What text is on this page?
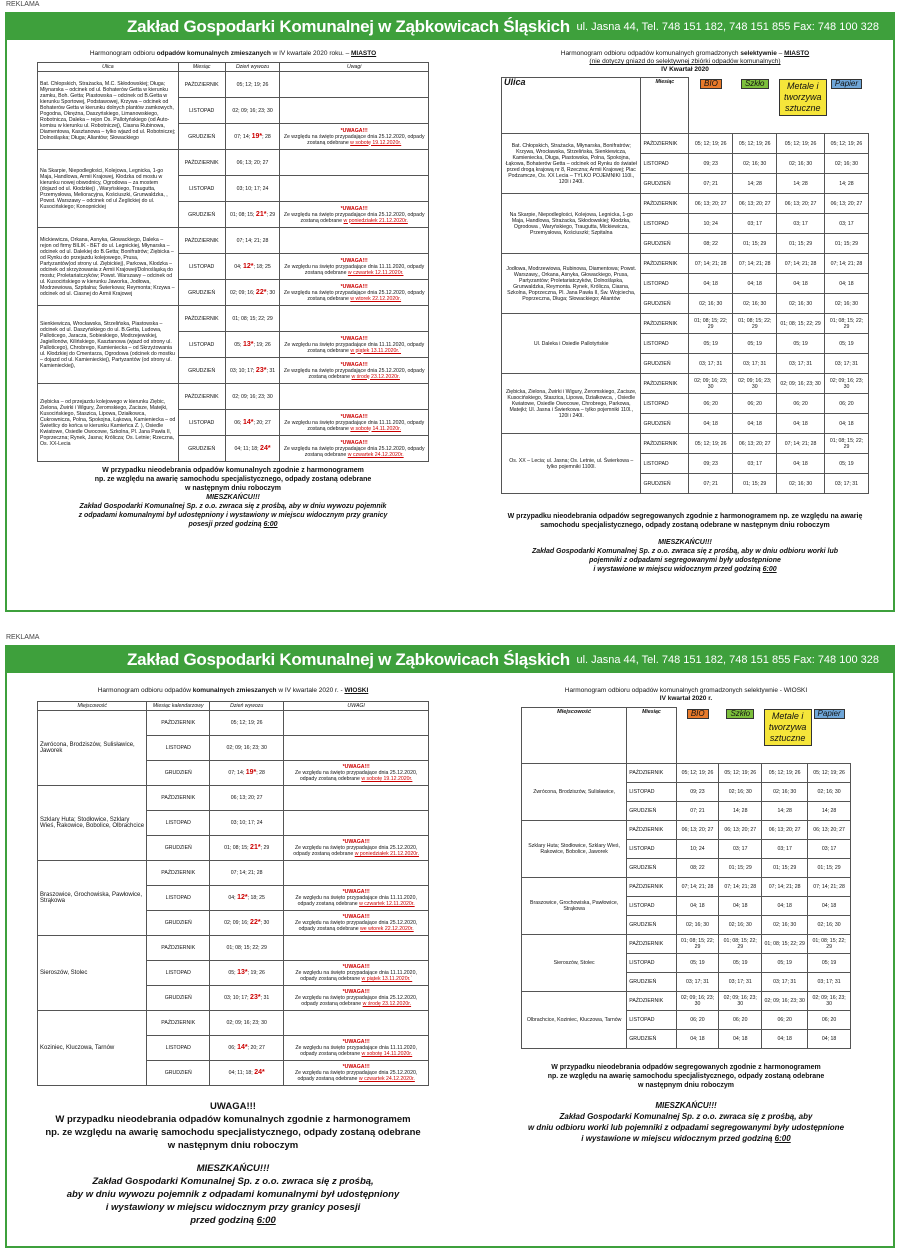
REKLAMA
Zakład Gospodarki Komunalnej w Ząbkowicach Śląskich ul. Jasna 44, Tel. 748 151 182, 748 151 855 Fax: 748 100 328
Harmonogram odbioru odpadów komunalnych zmieszanych w IV kwartale 2020 roku. – MIASTO
Ulica	Miesiąc	Dzień wywozu	Uwagi
Bat. Chłopskich, Strażacka, M.C. Skłodowskiej; Długa; Młynarska – odcinek od ul. Bohaterów Getta w kierunku zamku, Boh. Getta; Piastowska – odcinek od B.Getta w kierunku Sportowej, Podstawowej, Krzywa – odcinek od Bohaterów Getta w kierunku dolnych plantów zamkowych, Pogodna, Okrężna, Daszyńskiego, Limanowskiego, Robotnicza, Daleka – rejon Os. Pallotyńskiego (od Auto-komisu w kierunku ul. Robotniczej), Ciasna Rubinowa, Diamentowa, Kasztanowa – tylko wjazd od ul. Robotniczej; Dolnośląska; Długa; Aliantów; Słowackiego	PAŹDZIERNIK	05; 12; 19; 26	
	LISTOPAD	02; 09; 16; 23; 30	
	GRUDZIEŃ	07; 14; 19*; 28	*UWAGA!!!
Ze względu na święto przypadające dnia 25.12.2020, odpady zostaną odebrane w sobotę 19.12.2020r.

Na Skarpie, Niepodległości, Kolejowa, Legnicka, 1-go Maja, Handlowa, Armii Krajowej, Kłodzka od mostu w kierunku nowej obwodnicy, Ogrodowa – za mostem (dojazd od ul. Kłodzkiej) , Waryńskiego, Traugutta, Przemysłowa, Melioracyjna, Kościuszki, Grunwaldzka, , Powst. Warszawy – odcinek od ul Żeglickiej do ul. Kusocińskiego; Konopnickiej	PAŹDZIERNIK	06; 13; 20; 27	
	LISTOPAD	03; 10; 17; 24	
	GRUDZIEŃ	01; 08; 15; 21*; 29	*UWAGA!!!
Ze względu na święto przypadające dnia 25.12.2020, odpady zostaną odebrane w poniedziałek 21.12.2020r.

Mickiewicza, Orkana, Asnyka, Głowackiego, Daleka – rejon od firmy BILIK - BET do ul. Legnickiej, Młynarska – odcinek od ul. Dalekiej do B.Getta; Bonifratrów; Ziębicka – od Rynku do przejazdu kolejowego, Prusa, Partyzantów(od strony ul. Ziębickiej), Parkowa, Kłodzka – odcinek od skrzyżowania z Armii Krajowej/Dolnośląską do mostu; Proletariatczyków; Powst. Warszawy – odcinek od ul. Kusocińskiego w kierunku Jaworka, Jodłowa, Modrzewiowa, Szpitalna; Świerkowa; Reymonta; Krzywa – odcinek od ul. Ciasnej do Armii Krajowej	PAŹDZIERNIK	07; 14; 21; 28	
	LISTOPAD	04; 12*; 18; 25	*UWAGA!!!
Ze względu na święto przypadające dnia 11.11.2020, odpady zostaną odebrane w czwartek 12.11.2020r.

	GRUDZIEŃ	02; 09; 16; 22*; 30	*UWAGA!!!
Ze względu na święto przypadające dnia 25.12.2020, odpady zostaną odebrane w wtorek 22.12.2020r.

Sienkiewicza, Wrocławska, Strzelińska, Piastowska – odcinek od ul. Daszyńskiego do ul. B.Getta, Ludowa, Palloticego, Jaracza, Sobieskiego, Modrzejewskiej, Jagiellonów, Kilińskiego, Kasztanowa (wjazd od strony ul. Palloticego), Chrobrego, Kamieniecka – od Skrzyżowania ul. Kłodzkiej do Cmentarza, Ogrodowa (odcinek do mostku – dojazd od ul. Kamienieckiej), Partyzantów (od strony ul. Kamienieckiej),	PAŹDZIERNIK	01; 08; 15; 22; 29	
	LISTOPAD	05; 13*; 19; 26	*UWAGA!!!
Ze względu na święto przypadające dnia 11.11.2020, odpady zostaną odebrane w piątek 13.11.2020r.`

	GRUDZIEŃ	03; 10; 17; 23*; 31	*UWAGA!!!
Ze względu na święto przypadające dnia 25.12.2020, odpady zostaną odebrane w środę 23.12.2020r.

Ziębicka – od przejazdu kolejowego w kierunku Ziębic, Zielona, Żwirki i Wigury, Żeromskiego, Zacisze, Matejki, Kusocińskiego, Staszica, Lipowa, Działkowca, Cukrownicza, Polna, Spokojna, Łąkowa, Kamieniecka – od Świetlicy do końca w kierunku Kamieńca Z. ), Osiedle Kwiatowe, Osiedle Owocowe, Szkolna, Pl. Jana Pawła II, Poprzeczna; Rynek, Jasna; Królicza; Os. Letnie; Rzeczna, Os. XX-Lecia	PAŹDZIERNIK	02; 09; 16; 23; 30	
	LISTOPAD	06; 14*; 20; 27	*UWAGA!!!
Ze względu na święto przypadające dnia 11.11.2020, odpady zostaną odebrane w sobotę 14.11.2020r.

	GRUDZIEŃ	04; 11; 18; 24*	*UWAGA!!!
Ze względu na święto przypadające dnia 25.12.2020, odpady zostaną odebrane w czwartek 24.12.2020r.
W przypadku nieodebrania odpadów komunalnych zgodnie z harmonogramem
np. ze względu na awarię samochodu specjalistycznego, odpady zostaną odebrane
w następnym dniu roboczym
MIESZKAŃCU!!!
Zakład Gospodarki Komunalnej Sp. z o.o. zwraca się z prośbą, aby w dniu wywozu pojemnik
z odpadami komunalnymi był udostępniony i wystawiony w miejscu widocznym przy granicy
posesji przed godziną 6:00
Harmonogram odbioru odpadów komunalnych gromadzonych selektywnie – MIASTO
(nie dotyczy gniazd do selektywnej zbiórki odpadów komunalnych)
IV Kwartał 2020
Ulica	Miesiąc	BIO	Szkło	Metale i tworzywa sztuczne	Papier
Bat. Chłopskich, Strażacka, Młynarska, Bonifratrów; Krzywa, Wrocławska, Strzelińska, Sienkiewicza, Kamieniecka, Długa, Piastowska, Polna, Spokojna, Łąkowa, Bohaterów Getta – odcinek od Rynku do świateł przed drogą krajową nr 8, Rzeczna; Armii Krajowej; Plac Podzamcze, Os. XX Lecia – TYLKO POJEMNIKI 110l., 120l i 240l.	PAŹDZIERNIK	05; 12; 19; 26	05; 12; 19; 26	05; 12; 19; 26	05; 12; 19; 26
	LISTOPAD	09; 23	02; 16; 30	02; 16; 30	02; 16; 30
	GRUDZIEŃ	07; 21	14; 28	14; 28	14; 28
Na Skarpie, Niepodległości, Kolejowa, Legnicka, 1-go Maja, Handlowa, Strażacka, Skłodowskiej; Kłodzka, Ogrodowa , Waryńskiego, Traugutta, Mickiewicza, Przemysłowa, Kościuszki; Szpitalna	PAŹDZIERNIK	06; 13; 20; 27	06; 13; 20; 27	06; 13; 20; 27	06; 13; 20; 27
	LISTOPAD	10; 24	03; 17	03; 17	03; 17
	GRUDZIEŃ	08; 22	01; 15; 29	01; 15; 29	01; 15; 29
Jodłowa, Modrzewiowa, Rubinowa, Diamentowa; Powst. Warszawy,, Orkana, Asnyka, Głowackiego, Prusa, Partyzantów; Proletariatczyków, Dolnośląska, Grunwaldzka, Reymonta. Rynek, Królicza, Ciasna, Szkolna, Poprzeczna, Pl. Jana Pawła II, Św. Wojciecha, Poprzeczna, Długa; Słowackiego; Aliantów	PAŹDZIERNIK	07; 14; 21; 28	07; 14; 21; 28	07; 14; 21; 28	07; 14; 21; 28
	LISTOPAD	04; 18	04; 18	04; 18	04; 18
	GRUDZIEŃ	02; 16; 30	02; 16; 30	02; 16; 30	02; 16; 30
Ul. Daleka i Osiedle Pallotyńskie	PAŹDZIERNIK	01; 08; 15; 22; 29	01; 08; 15; 22; 29	01; 08; 15; 22; 29	01; 08; 15; 22; 29
	LISTOPAD	05; 19	05; 19	05; 19	05; 19
	GRUDZIEŃ	03; 17; 31	03; 17; 31	03; 17; 31	03; 17; 31
Ziębicka, Zielona, Żwirki i Wigury, Żeromskiego, Zacisze, Kusocińskiego, Staszica, Lipowa, Działkowca, , Osiedle Kwiatowe, Osiedle Owocowe, Chrobrego, Parkowa, Matejki; Ul. Jasna i Świerkowa – tylko pojemniki 110l., 120l i 240l.	PAŹDZIERNIK	02; 09; 16; 23; 30	02; 09; 16; 23; 30	02; 09; 16; 23; 30	02; 09; 16; 23; 30
	LISTOPAD	06; 20	06; 20	06; 20	06; 20
	GRUDZIEŃ	04; 18	04; 18	04; 18	04; 18
Os. XX – Lecia; ul. Jasna; Os. Letnie, ul. Świerkowa – tylko pojemniki 1100l.	PAŹDZIERNIK	05; 12; 19; 26	06; 13; 20; 27	07; 14; 21; 28	01; 08; 15; 22; 29
	LISTOPAD	09; 23	03; 17	04; 18	05; 19
	GRUDZIEŃ	07; 21	01; 15; 29	02; 16; 30	03; 17; 31
W przypadku nieodebrania odpadów segregowanych zgodnie z harmonogramem np. ze względu na awarię
samochodu specjalistycznego, odpady zostaną odebrane w następnym dniu roboczym
MIESZKAŃCU!!!
Zakład Gospodarki Komunalnej Sp. z o.o. zwraca się z prośbą, aby w dniu odbioru worki lub
pojemniki z odpadami segregowanymi były udostępnione
i wystawione w miejscu widocznym przed godziną 6:00
REKLAMA
Zakład Gospodarki Komunalnej w Ząbkowicach Śląskich ul. Jasna 44, Tel. 748 151 182, 748 151 855 Fax: 748 100 328
Harmonogram odbioru odpadów komunalnych zmieszanych w IV kwartale 2020 r. - WIOSKI
Miejscowość	Miesiąc kalendarzowy	Dzień wywozu	UWAGI
Zwrócona, Brodziszów, Sulisławice, Jaworek	PAŹDZIERNIK	05; 12; 19; 26	
	LISTOPAD	02; 09; 16; 23; 30	
	GRUDZIEŃ	07; 14; 19*; 28	*UWAGA!!!
Ze względu na święto przypadające dnia 25.12.2020, odpady zostaną odebrane w sobotę 19.12.2020r.

Szklary Huta; Stodłowice, Szklary Wieś, Rakowice, Bobolice, Olbrachcice	PAŹDZIERNIK	06; 13; 20; 27	
	LISTOPAD	03; 10; 17; 24	
	GRUDZIEŃ	01; 08; 15; 21*; 29	*UWAGA!!!
Ze względu na święto przypadające dnia 25.12.2020, odpady zostaną odebrane w poniedziałek 21.12.2020r.

Braszowice, Grochowiska, Pawłowice, Strąkowa	PAŹDZIERNIK	07; 14; 21; 28	
	LISTOPAD	04; 12*; 18; 25	*UWAGA!!!
Ze względu na święto przypadające dnia 11.11.2020, odpady zostaną odebrane w czwartek 12.11.2020r.

	GRUDZIEŃ	02; 09; 16; 22*; 30	*UWAGA!!!
Ze względu na święto przypadające dnia 25.12.2020, odpady zostaną odebrane we wtorek 22.12.2020r.

Sieroszów, Stolec	PAŹDZIERNIK	01; 08; 15; 22; 29	
	LISTOPAD	05; 13*; 19; 26	*UWAGA!!!
Ze względu na święto przypadające dnia 11.11.2020, odpady zostaną odebrane w piątek 13.11.2020r.`

	GRUDZIEŃ	03; 10; 17; 23*; 31	*UWAGA!!!
Ze względu na święto przypadające dnia 25.12.2020, odpady zostaną odebrane w środę 23.12.2020r.

Koziniec, Kluczowa, Tarnów	PAŹDZIERNIK	02; 09; 16; 23; 30	
	LISTOPAD	06; 14*; 20; 27	*UWAGA!!!
Ze względu na święto przypadające dnia 11.11.2020, odpady zostaną odebrane w sobotę 14.11.2020r.

	GRUDZIEŃ	04; 11; 18; 24*	*UWAGA!!!
Ze względu na święto przypadające dnia 25.12.2020, odpady zostaną odebrane w czwartek 24.12.2020r.
UWAGA!!!
W przypadku nieodebrania odpadów komunalnych zgodnie z harmonogramem
np. ze względu na awarię samochodu specjalistycznego, odpady zostaną odebrane
w następnym dniu roboczym
MIESZKAŃCU!!!
Zakład Gospodarki Komunalnej Sp. z o.o. zwraca się z prośbą,
aby w dniu wywozu pojemnik z odpadami komunalnymi był udostępniony
i wystawiony w miejscu widocznym przy granicy posesji
przed godziną 6:00
Harmonogram odbioru odpadów komunalnych gromadzonych selektywnie - WIOSKI
IV kwartał 2020 r.
Miejscowość	Miesiąc	BIO	Szkło	Metale i tworzywa sztuczne	Papier
Zwrócona, Brodziszów, Sulisławice,	PAŹDZIERNIK	05; 12; 19; 26	05; 12; 19; 26	05; 12; 19; 26	05; 12; 19; 26
	LISTOPAD	09; 23	02; 16; 30	02; 16; 30	02; 16; 30
	GRUDZIEŃ	07; 21	14; 28	14; 28	14; 28
Szklary Huta; Stodłowice, Szklary Wieś, Rakowice, Bobolice, Jaworek	PAŹDZIERNIK	06; 13; 20; 27	06; 13; 20; 27	06; 13; 20; 27	06; 13; 20; 27
	LISTOPAD	10; 24	03; 17	03; 17	03; 17
	GRUDZIEŃ	08; 22	01; 15; 29	01; 15; 29	01; 15; 29
Braszowice, Grochowiska, Pawłowice, Strąkowa	PAŹDZIERNIK	07; 14; 21; 28	07; 14; 21; 28	07; 14; 21; 28	07; 14; 21; 28
	LISTOPAD	04; 18	04; 18	04; 18	04; 18
	GRUDZIEŃ	02; 16; 30	02; 16; 30	02; 16; 30	02; 16; 30
Sieroszów, Stolec	PAŹDZIERNIK	01; 08; 15; 22; 29	01; 08; 15; 22; 29	01; 08; 15; 22; 29	01; 08; 15; 22; 29
	LISTOPAD	05; 19	05; 19	05; 19	05; 19
	GRUDZIEŃ	03; 17; 31	03; 17; 31	03; 17; 31	03; 17; 31
Olbrachcice, Koziniec, Kluczowa, Tarnów	PAŹDZIERNIK	02; 09; 16; 23; 30	02; 09; 16; 23; 30	02; 09; 16; 23; 30	02; 09; 16; 23; 30
	LISTOPAD	06; 20	06; 20	06; 20	06; 20
	GRUDZIEŃ	04; 18	04; 18	04; 18	04; 18
W przypadku nieodebrania odpadów segregowanych zgodnie z harmonogramem
np. ze względu na awarię samochodu specjalistycznego, odpady zostaną odebrane
w następnym dniu roboczym
MIESZKAŃCU!!!
Zakład Gospodarki Komunalnej Sp. z o.o. zwraca się z prośbą, aby
w dniu odbioru worki lub pojemniki z odpadami segregowanymi były udostępnione
i wystawione w miejscu widocznym przed godziną 6:00
